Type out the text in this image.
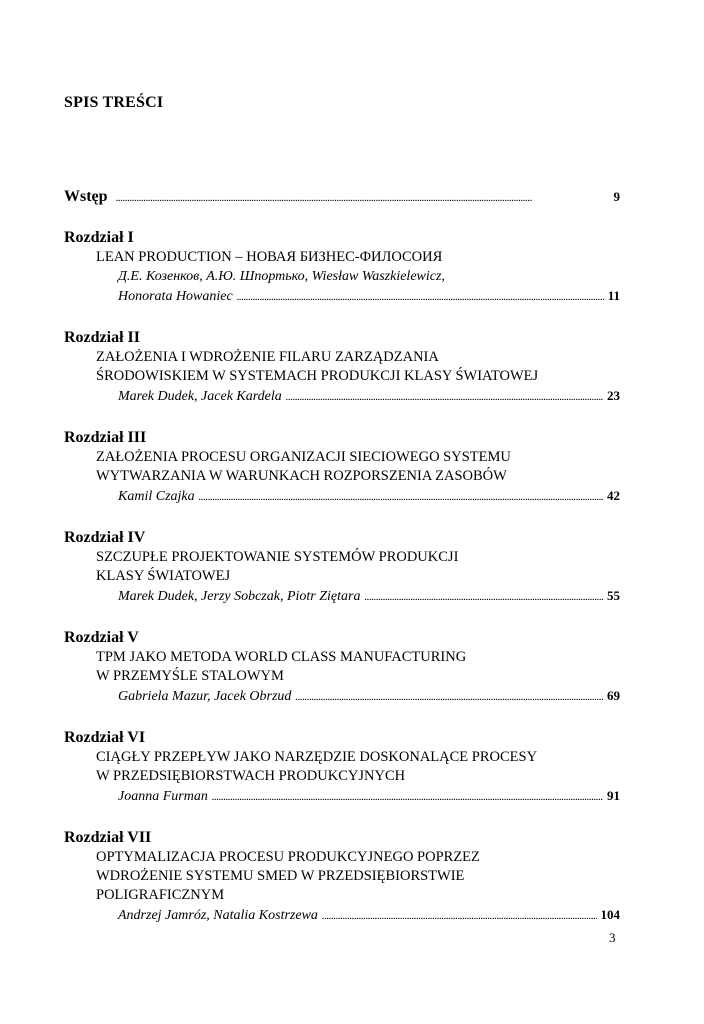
SPIS TREŚCI
Wstęp . . .	9
Rozdział I
LEAN PRODUCTION – НОВАЯ БИЗНЕС-ФИЛОСОИЯ
Д.Е. Козенков, А.Ю. Шпортько, Wiesław Waszkielewicz,
Honorata Howaniec . . .	11
Rozdział II
ZAŁOŻENIA I WDROŻENIE FILARU ZARZĄDZANIA
ŚRODOWISKIEM W SYSTEMACH PRODUKCJI KLASY ŚWIATOWEJ
Marek Dudek, Jacek Kardela . . .	23
Rozdział III
ZAŁOŻENIA PROCESU ORGANIZACJI SIECIOWEGO SYSTEMU
WYTWARZANIA W WARUNKACH ROZPORSZENIA ZASOBÓW
Kamil Czajka . . .	42
Rozdział IV
SZCZUPŁE PROJEKTOWANIE SYSTEMÓW PRODUKCJI
KLASY ŚWIATOWEJ
Marek Dudek, Jerzy Sobczak, Piotr Ziętara . . .	55
Rozdział V
TPM JAKO METODA WORLD CLASS MANUFACTURING
W PRZEMYŚLE STALOWYM
Gabriela Mazur, Jacek Obrzud . . .	69
Rozdział VI
CIĄGŁY PRZEPŁYW JAKO NARZĘDZIE DOSKONALĄCE PROCESY
W PRZEDSIĘBIORSTWACH PRODUKCYJNYCH
Joanna Furman . . .	91
Rozdział VII
OPTYMALIZACJA PROCESU PRODUKCYJNEGO POPRZEZ
WDROŻENIE SYSTEMU SMED W PRZEDSIĘBIORSTWIE
POLIGRAFICZNYM
Andrzej Jamróz, Natalia Kostrzewa . . .	104
3
